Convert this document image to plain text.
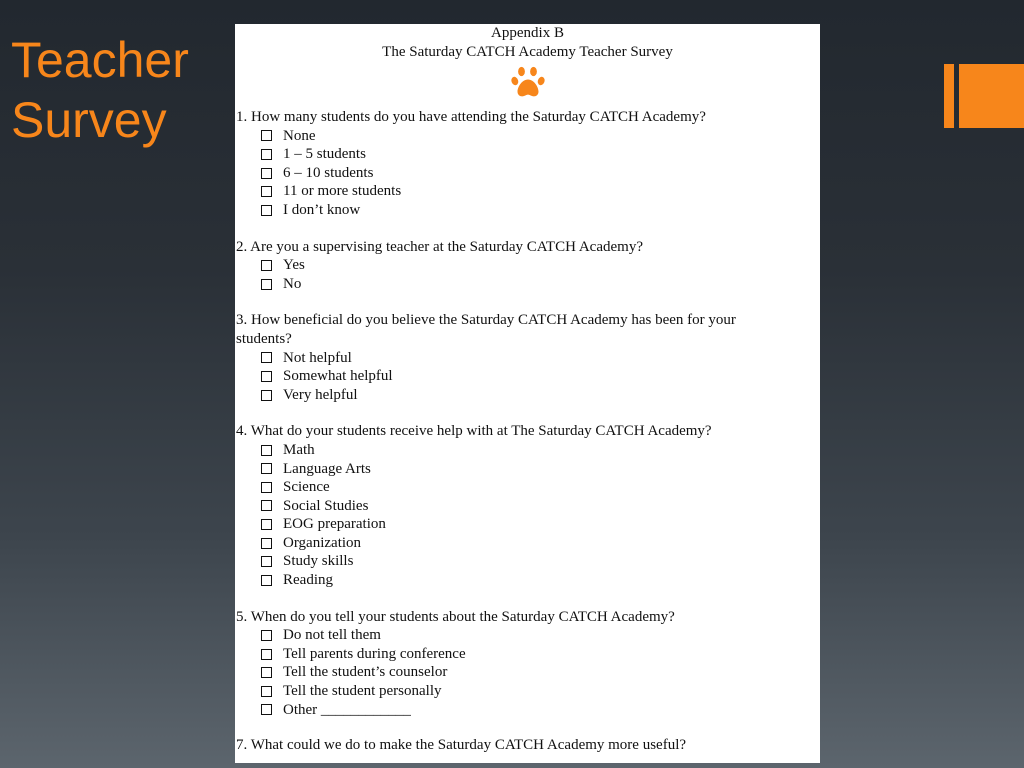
Teacher
Survey
Appendix B
The Saturday CATCH Academy Teacher Survey
1. How many students do you have attending the Saturday CATCH Academy?
None
1 – 5 students
6 – 10 students
11 or more students
I don’t know
2. Are you a supervising teacher at the Saturday CATCH Academy?
Yes
No
3. How beneficial do you believe the Saturday CATCH Academy has been for your students?
Not helpful
Somewhat helpful
Very helpful
4. What do your students receive help with at The Saturday CATCH Academy?
Math
Language Arts
Science
Social Studies
EOG preparation
Organization
Study skills
Reading
5. When do you tell your students about the Saturday CATCH Academy?
Do not tell them
Tell parents during conference
Tell the student’s counselor
Tell the student personally
Other ____________
7. What could we do to make the Saturday CATCH Academy more useful?
